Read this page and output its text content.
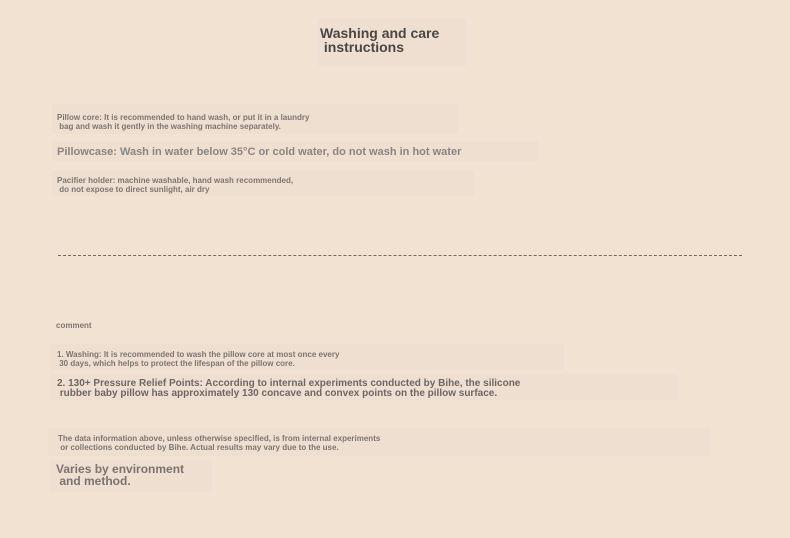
Washing and care
instructions
Pillow core: It is recommended to hand wash, or put it in a laundry
bag and wash it gently in the washing machine separately.
Pillowcase: Wash in water below 35°C or cold water, do not wash in hot water
Pacifier holder: machine washable, hand wash recommended,
do not expose to direct sunlight, air dry
comment
1. Washing: It is recommended to wash the pillow core at most once every
30 days, which helps to protect the lifespan of the pillow core.
2. 130+ Pressure Relief Points: According to internal experiments conducted by Bihe, the silicone
rubber baby pillow has approximately 130 concave and convex points on the pillow surface.
The data information above, unless otherwise specified, is from internal experiments
or collections conducted by Bihe. Actual results may vary due to the use.
Varies by environment
and method.
